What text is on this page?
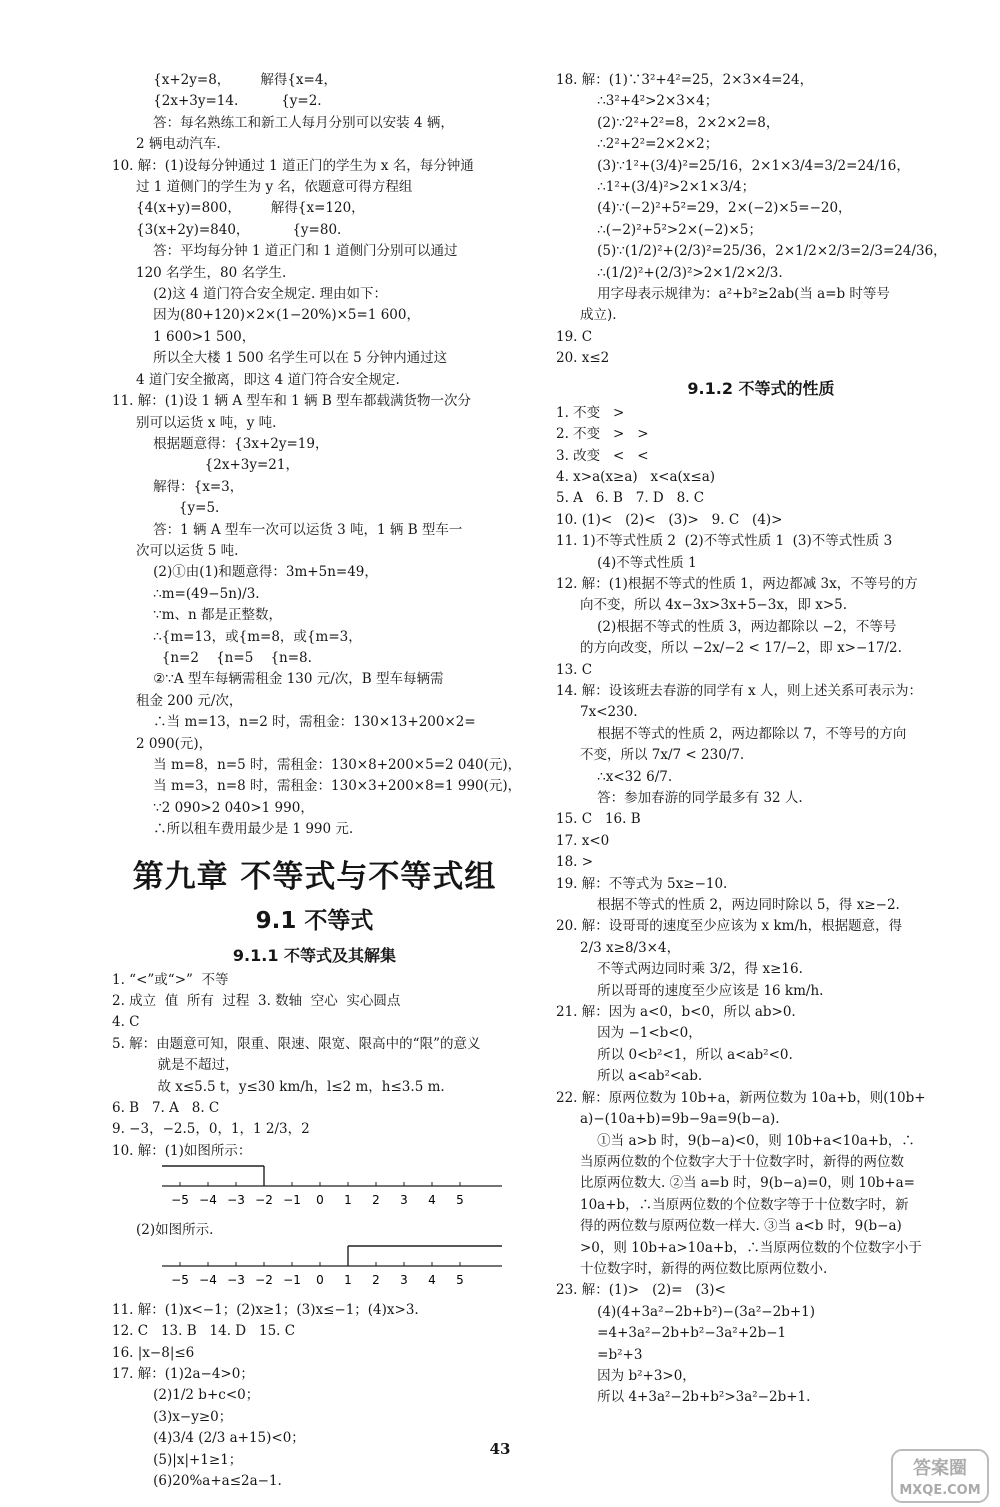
{x+2y=8，       解得{x=4，
{2x+3y=14.          {y=2.
答：每名熟练工和新工人每月分别可以安装 4 辆，
2 辆电动汽车.
10. 解：(1)设每分钟通过 1 道正门的学生为 x 名，每分钟通
过 1 道侧门的学生为 y 名，依题意可得方程组
{4(x+y)=800，       解得{x=120，
{3(x+2y)=840，          {y=80.
答：平均每分钟 1 道正门和 1 道侧门分别可以通过
120 名学生，80 名学生.
(2)这 4 道门符合安全规定. 理由如下：
因为(80+120)×2×(1−20%)×5=1 600，
1 600>1 500，
所以全大楼 1 500 名学生可以在 5 分钟内通过这
4 道门安全撤离，即这 4 道门符合安全规定.
11. 解：(1)设 1 辆 A 型车和 1 辆 B 型车都载满货物一次分
别可以运货 x 吨，y 吨.
根据题意得：{3x+2y=19，
{2x+3y=21，
解得：{x=3，
{y=5.
答：1 辆 A 型车一次可以运货 3 吨，1 辆 B 型车一
次可以运货 5 吨.
(2)①由(1)和题意得：3m+5n=49，
∴m=(49−5n)/3.
∵m、n 都是正整数，
∴{m=13，或{m=8，或{m=3，
{n=2    {n=5    {n=8.
②∵A 型车每辆需租金 130 元/次，B 型车每辆需
租金 200 元/次，
∴当 m=13，n=2 时，需租金：130×13+200×2=
2 090(元)，
当 m=8，n=5 时，需租金：130×8+200×5=2 040(元)，
当 m=3，n=8 时，需租金：130×3+200×8=1 990(元)，
∵2 090>2 040>1 990，
∴所以租车费用最少是 1 990 元.
第九章 不等式与不等式组
9.1 不等式
9.1.1 不等式及其解集
1. “<”或“>”  不等
2. 成立  值  所有  过程  3. 数轴  空心  实心圆点
4. C
5. 解：由题意可知，限重、限速、限宽、限高中的“限”的意义
就是不超过，
故 x≤5.5 t，y≤30 km/h，l≤2 m，h≤3.5 m.
6. B   7. A   8. C
9. −3，−2.5，0，1，1 2/3，2
10. 解：(1)如图所示：
−5 −4 −3 −2 −1 0 1 2 3 4 5
(2)如图所示.
−5 −4 −3 −2 −1 0 1 2 3 4 5
11. 解：(1)x<−1；(2)x≥1；(3)x≤−1；(4)x>3.
12. C   13. B   14. D   15. C
16. |x−8|≤6
17. 解：(1)2a−4>0；
(2)1/2 b+c<0；
(3)x−y≥0；
(4)3/4 (2/3 a+15)<0；
(5)|x|+1≥1；
(6)20%a+a≤2a−1.
18. 解：(1)∵3²+4²=25，2×3×4=24，
∴3²+4²>2×3×4；
(2)∵2²+2²=8，2×2×2=8，
∴2²+2²=2×2×2；
(3)∵1²+(3/4)²=25/16，2×1×3/4=3/2=24/16，
∴1²+(3/4)²>2×1×3/4；
(4)∵(−2)²+5²=29，2×(−2)×5=−20，
∴(−2)²+5²>2×(−2)×5；
(5)∵(1/2)²+(2/3)²=25/36，2×1/2×2/3=2/3=24/36，
∴(1/2)²+(2/3)²>2×1/2×2/3.
用字母表示规律为：a²+b²≥2ab(当 a=b 时等号
成立).
19. C
20. x≤2
9.1.2 不等式的性质
1. 不变   >
2. 不变   >   >
3. 改变   <   <
4. x>a(x≥a)   x<a(x≤a)
5. A   6. B   7. D   8. C
10. (1)<   (2)<   (3)>   9. C   (4)>
11. 1)不等式性质 2  (2)不等式性质 1  (3)不等式性质 3
(4)不等式性质 1
12. 解：(1)根据不等式的性质 1，两边都减 3x，不等号的方
向不变，所以 4x−3x>3x+5−3x，即 x>5.
(2)根据不等式的性质 3，两边都除以 −2，不等号
的方向改变，所以 −2x/−2 < 17/−2，即 x>−17/2.
13. C
14. 解：设该班去春游的同学有 x 人，则上述关系可表示为：
7x<230.
根据不等式的性质 2，两边都除以 7，不等号的方向
不变，所以 7x/7 < 230/7.
∴x<32 6/7.
答：参加春游的同学最多有 32 人.
15. C   16. B
17. x<0
18. >
19. 解：不等式为 5x≥−10.
根据不等式的性质 2，两边同时除以 5，得 x≥−2.
20. 解：设哥哥的速度至少应该为 x km/h，根据题意，得
2/3 x≥8/3×4，
不等式两边同时乘 3/2，得 x≥16.
所以哥哥的速度至少应该是 16 km/h.
21. 解：因为 a<0，b<0，所以 ab>0.
因为 −1<b<0，
所以 0<b²<1，所以 a<ab²<0.
所以 a<ab²<ab.
22. 解：原两位数为 10b+a，新两位数为 10a+b，则(10b+
a)−(10a+b)=9b−9a=9(b−a).
①当 a>b 时，9(b−a)<0，则 10b+a<10a+b，∴
当原两位数的个位数字大于十位数字时，新得的两位数
比原两位数大. ②当 a=b 时，9(b−a)=0，则 10b+a=
10a+b，∴当原两位数的个位数字等于十位数字时，新
得的两位数与原两位数一样大. ③当 a<b 时，9(b−a)
>0，则 10b+a>10a+b，∴当原两位数的个位数字小于
十位数字时，新得的两位数比原两位数小.
23. 解：(1)>   (2)=   (3)<
(4)(4+3a²−2b+b²)−(3a²−2b+1)
=4+3a²−2b+b²−3a²+2b−1
=b²+3
因为 b²+3>0，
所以 4+3a²−2b+b²>3a²−2b+1.
43
答案圈
MXQE.COM
